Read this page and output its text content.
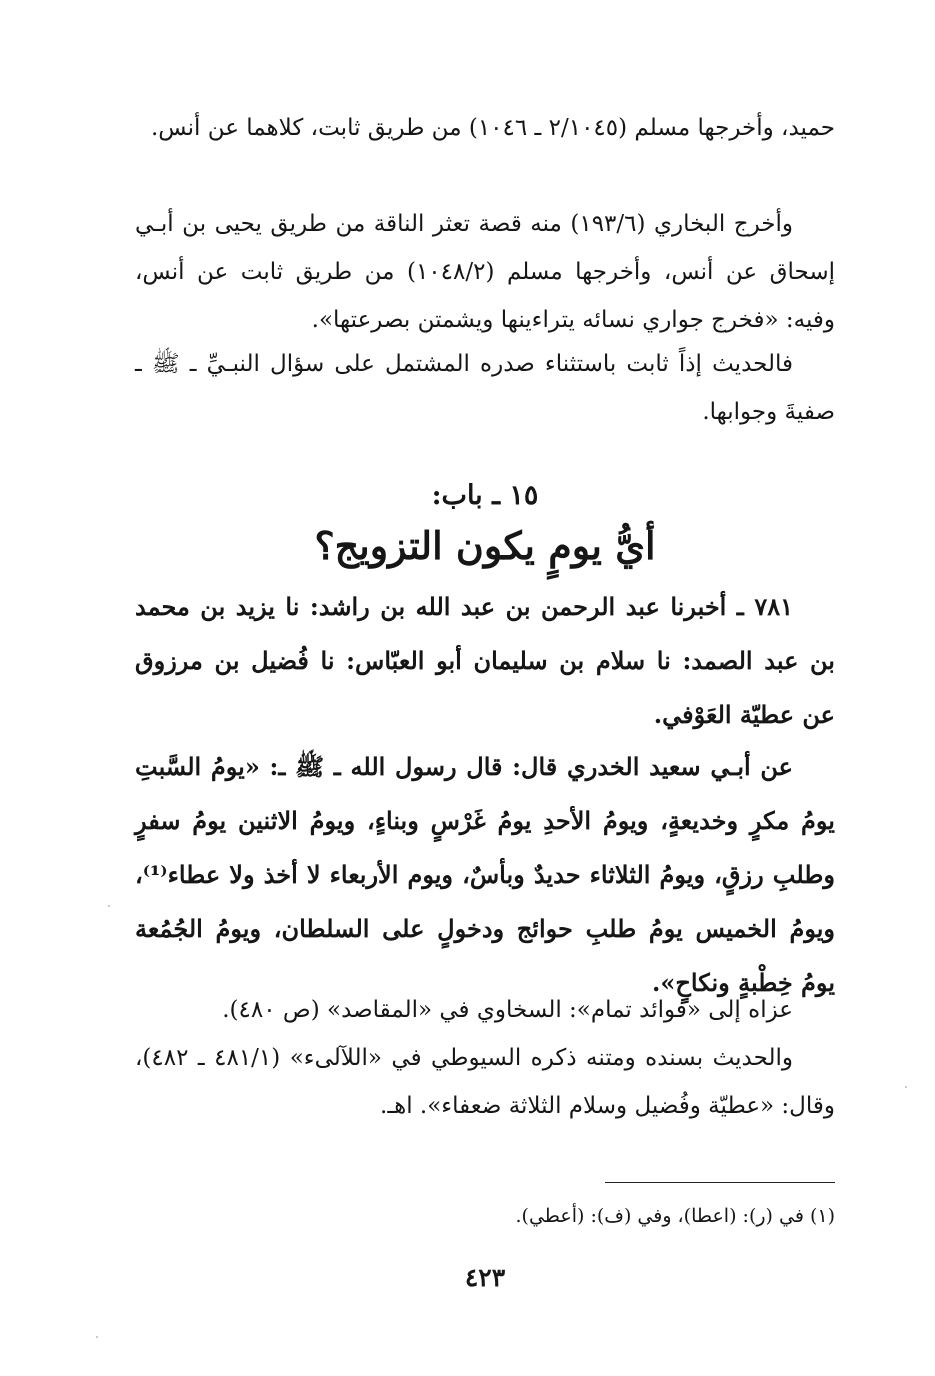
حميد، وأخرجها مسلم (٢/١٠٤٥ ـ ١٠٤٦) من طريق ثابت، كلاهما عن أنس.

وأخرج البخاري (١٩٣/٦) منه قصة تعثر الناقة من طريق يحيى بن أبـي إسحاق عن أنس، وأخرجها مسلم (١٠٤٨/٢) من طريق ثابت عن أنس، وفيه: «فخرج جواري نسائه يتراءينها ويشمتن بصرعتها».

فالحديث إذاً ثابت باستثناء صدره المشتمل على سؤال النبـيِّ ـ ﷺ ـ صفيةَ وجوابها.

١٥ ـ باب:
أيُّ يومٍ يكون التزويج؟

٧٨١ ـ أخبرنا عبد الرحمن بن عبد الله بن راشد: نا يزيد بن محمد بن عبد الصمد: نا سلام بن سليمان أبو العبّاس: نا فُضيل بن مرزوق عن عطيّة العَوْفي.

عن أبـي سعيد الخدري قال: قال رسول الله ـ ﷺ ـ: «يومُ السَّبتِ يومُ مكرٍ وخديعةٍ، ويومُ الأحدِ يومُ غَرْسٍ وبناءٍ، ويومُ الاثنين يومُ سفرٍ وطلبِ رزقٍ، ويومُ الثلاثاء حديدٌ وبأسٌ، ويوم الأربعاء لا أخذ ولا عطاء⁽¹⁾، ويومُ الخميس يومُ طلبِ حوائج ودخولٍ على السلطان، ويومُ الجُمُعة يومُ خِطْبةٍ ونكاحٍ».

عزاه إلى «فوائد تمام»: السخاوي في «المقاصد» (ص ٤٨٠).

والحديث بسنده ومتنه ذكره السيوطي في «اللآلىء» (٤٨١/١ ـ ٤٨٢)، وقال: «عطيّة وفُضيل وسلام الثلاثة ضعفاء». اهـ.

(١) في (ر): (اعطا)، وفي (ف): (أعطي).

٤٢٣
